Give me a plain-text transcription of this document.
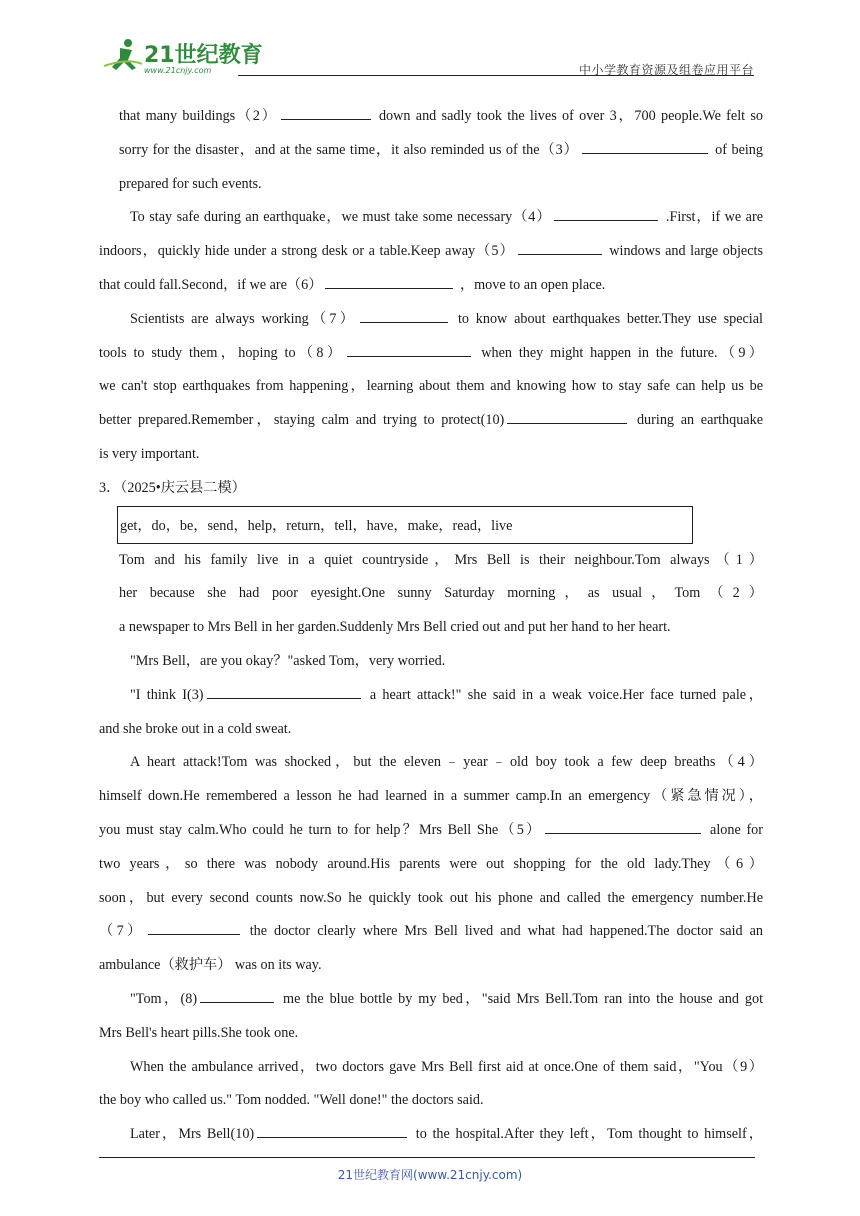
21世纪教育
www.21cnjy.com	中小学教育资源及组卷应用平台
that many buildings（2）	down and sadly took the lives of over 3，700 people.We felt so
sorry for the disaster，and at the same time，it also reminded us of the（3）	of being
prepared for such events.
To stay safe during an earthquake，we must take some necessary（4）	.First，if we are
indoors，quickly hide under a strong desk or a table.Keep away（5）	windows and large objects
that could fall.Second，if we are（6）	，move to an open place.
Scientists are always working（7）	to know about earthquakes better.They use special
tools to study them，hoping to（8）	when they might happen in the future.（9）
we can't stop earthquakes from happening，learning about them and knowing how to stay safe can help us be
better prepared.Remember，staying calm and trying to protect(10)	during an earthquake
is very important.
3．（2025•庆云县二模）
get，do，be，send，help，return，tell，have，make，read，live
Tom and his family live in a quiet countryside，Mrs Bell is their neighbour.Tom always（1）
her because she had poor eyesight.One sunny Saturday morning，as usual，Tom（2）
a newspaper to Mrs Bell in her garden.Suddenly Mrs Bell cried out and put her hand to her heart.
"Mrs Bell，are you okay？"asked Tom，very worried.
"I think I(3)	a heart attack!" she said in a weak voice.Her face turned pale，
and she broke out in a cold sweat.
A heart attack!Tom was shocked，but the eleven﹣year﹣old boy took a few deep breaths（4）
himself down.He remembered a lesson he had learned in a summer camp.In an emergency（紧急情况），
you must stay calm.Who could he turn to for help？Mrs Bell She（5）	alone for
two years，so there was nobody around.His parents were out shopping for the old lady.They（6）
soon，but every second counts now.So he quickly took out his phone and called the emergency number.He
（7）	the doctor clearly where Mrs Bell lived and what had happened.The doctor said an
ambulance（救护车） was on its way.
"Tom，(8)	me the blue bottle by my bed，"said Mrs Bell.Tom ran into the house and got
Mrs Bell's heart pills.She took one.
When the ambulance arrived，two doctors gave Mrs Bell first aid at once.One of them said，"You（9）
the boy who called us." Tom nodded. "Well done!" the doctors said.
Later，Mrs Bell(10)	to the hospital.After they left，Tom thought to himself，
21世纪教育网(www.21cnjy.com)
